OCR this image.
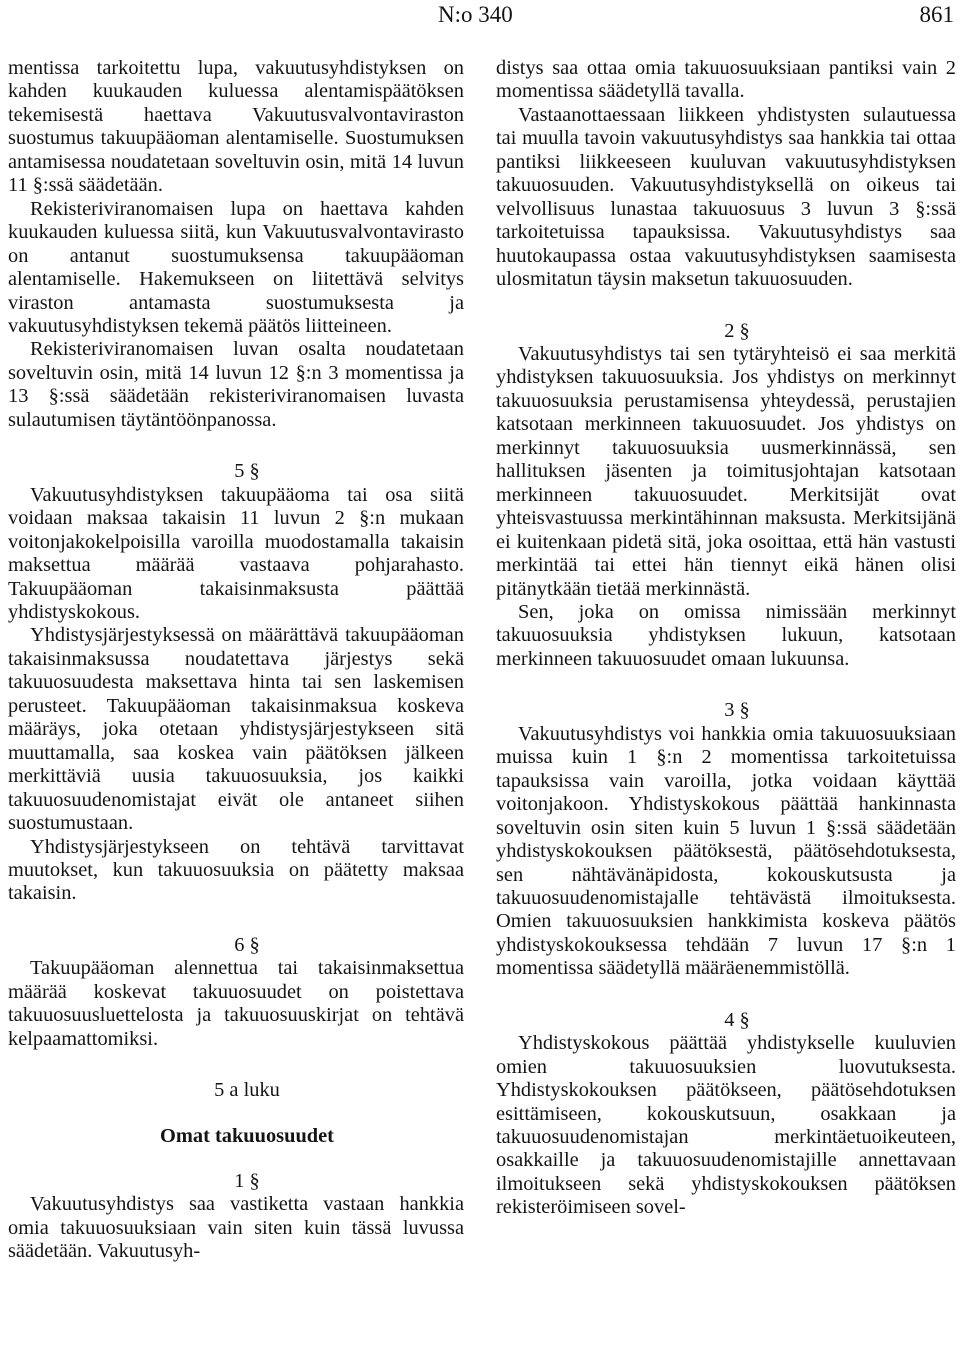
N:o 340	861

mentissa tarkoitettu lupa, vakuutusyhdistyksen on kahden kuukauden kuluessa alentamispäätöksen tekemisestä haettava Vakuutusvalvontaviraston suostumus takuupääoman alentamiselle. Suostumuksen antamisessa noudatetaan soveltuvin osin, mitä 14 luvun 11 §:ssä säädetään.

Rekisteriviranomaisen lupa on haettava kahden kuukauden kuluessa siitä, kun Vakuutusvalvontavirasto on antanut suostumuksensa takuupääoman alentamiselle. Hakemukseen on liitettävä selvitys viraston antamasta suostumuksesta ja vakuutusyhdistyksen tekemä päätös liitteineen.

Rekisteriviranomaisen luvan osalta noudatetaan soveltuvin osin, mitä 14 luvun 12 §:n 3 momentissa ja 13 §:ssä säädetään rekisteriviranomaisen luvasta sulautumisen täytäntöönpanossa.

5 §

Vakuutusyhdistyksen takuupääoma tai osa siitä voidaan maksaa takaisin 11 luvun 2 §:n mukaan voitonjakokelpoisilla varoilla muodostamalla takaisin maksettua määrää vastaava pohjarahasto. Takuupääoman takaisinmaksusta päättää yhdistyskokous.

Yhdistysjärjestyksessä on määrättävä takuupääoman takaisinmaksussa noudatettava järjestys sekä takuuosuudesta maksettava hinta tai sen laskemisen perusteet. Takuupääoman takaisinmaksua koskeva määräys, joka otetaan yhdistysjärjestykseen sitä muuttamalla, saa koskea vain päätöksen jälkeen merkittäviä uusia takuuosuuksia, jos kaikki takuuosuudenomistajat eivät ole antaneet siihen suostumustaan.

Yhdistysjärjestykseen on tehtävä tarvittavat muutokset, kun takuuosuuksia on päätetty maksaa takaisin.

6 §

Takuupääoman alennettua tai takaisinmaksettua määrää koskevat takuuosuudet on poistettava takuuosuusluettelosta ja takuuosuuskirjat on tehtävä kelpaamattomiksi.

5 a luku

Omat takuuosuudet

1 §

Vakuutusyhdistys saa vastiketta vastaan hankkia omia takuuosuuksiaan vain siten kuin tässä luvussa säädetään. Vakuutusyh-

distys saa ottaa omia takuuosuuksiaan pantiksi vain 2 momentissa säädetyllä tavalla.

Vastaanottaessaan liikkeen yhdistysten sulautuessa tai muulla tavoin vakuutusyhdistys saa hankkia tai ottaa pantiksi liikkeeseen kuuluvan vakuutusyhdistyksen takuuosuuden. Vakuutusyhdistyksellä on oikeus tai velvollisuus lunastaa takuuosuus 3 luvun 3 §:ssä tarkoitetuissa tapauksissa. Vakuutusyhdistys saa huutokaupassa ostaa vakuutusyhdistyksen saamisesta ulosmitatun täysin maksetun takuuosuuden.

2 §

Vakuutusyhdistys tai sen tytäryhteisö ei saa merkitä yhdistyksen takuuosuuksia. Jos yhdistys on merkinnyt takuuosuuksia perustamisensa yhteydessä, perustajien katsotaan merkinneen takuuosuudet. Jos yhdistys on merkinnyt takuuosuuksia uusmerkinnässä, sen hallituksen jäsenten ja toimitusjohtajan katsotaan merkinneen takuuosuudet. Merkitsijät ovat yhteisvastuussa merkintähinnan maksusta. Merkitsijänä ei kuitenkaan pidetä sitä, joka osoittaa, että hän vastusti merkintää tai ettei hän tiennyt eikä hänen olisi pitänytkään tietää merkinnästä.

Sen, joka on omissa nimissään merkinnyt takuuosuuksia yhdistyksen lukuun, katsotaan merkinneen takuuosuudet omaan lukuunsa.

3 §

Vakuutusyhdistys voi hankkia omia takuuosuuksiaan muissa kuin 1 §:n 2 momentissa tarkoitetuissa tapauksissa vain varoilla, jotka voidaan käyttää voitonjakoon. Yhdistyskokous päättää hankinnasta soveltuvin osin siten kuin 5 luvun 1 §:ssä säädetään yhdistyskokouksen päätöksestä, päätösehdotuksesta, sen nähtävänäpidosta, kokouskutsusta ja takuuosuudenomistajalle tehtävästä ilmoituksesta. Omien takuuosuuksien hankkimista koskeva päätös yhdistyskokouksessa tehdään 7 luvun 17 §:n 1 momentissa säädetyllä määräenemmistöllä.

4 §

Yhdistyskokous päättää yhdistykselle kuuluvien omien takuuosuuksien luovutuksesta. Yhdistyskokouksen päätökseen, päätösehdotuksen esittämiseen, kokouskutsuun, osakkaan ja takuuosuudenomistajan merkintäetuoikeuteen, osakkaille ja takuuosuudenomistajille annettavaan ilmoitukseen sekä yhdistyskokouksen päätöksen rekisteröimiseen sovel-
